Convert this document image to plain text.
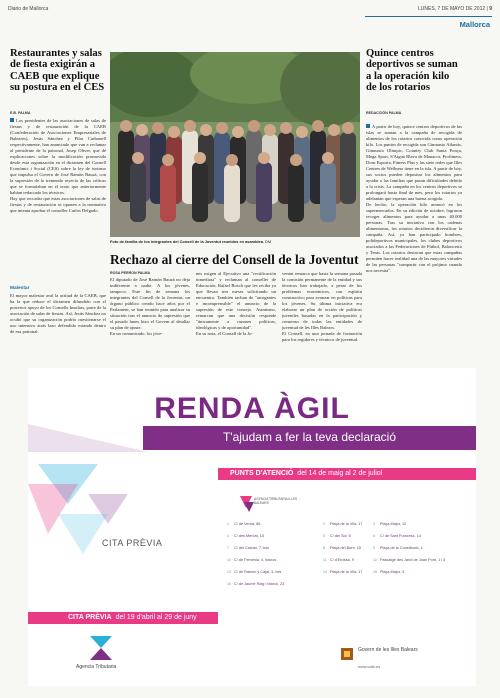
Diario de Mallorca	LUNES, 7 DE MAYO DE 2012 | 9
Mallorca
Restaurantes y salas de fiesta exigirán a CAEB que explique su postura en el CES
E.B. PALMA
Los presidentes de las asociaciones de salas de fiestas y de restauración de la CAEB (Confederación de Asociaciones Empresariales de Baleares), Jesús Sánchez y Pilar Carbonell respectivamente, han anunciado que van a reclamar al presidente de la patronal, Josep Oliver, que dé explicaciones sobre la modificación promovida desde esta organización en el dictamen del Consell Econòmic i Social (CES) sobre la ley de turismo que impulsa el Govern de José Ramón Bauzá, con la supresión de la tremenda reyecía de las críticas que se formulaban en el texto que anteriormente habían redactado los técnicos.
Hay que recordar que estas asociaciones de salas de fiestas y de restauración se oponen a la normativa que intenta aprobar el conseller Carlos Delgado.
Malestar
El mayor malestar aval la actitud de la CAEB, que ha la que reduce el dictamen difundido con el posterior apoyo de los Consells Insulars, parte de la asociación de salas de fiestas. Así, Jesús Sánchez no ocultó que su organización podría cuestionarse el uso intensivo atrás lazo defendido estando dentro de esa patronal.
Foto de familia de los integrantes del Consell de la Joventut reunidos en asamblea. DM
Rechazo al cierre del Consell de la Joventut
ROSA PERRON PALMA
El diputado de José Ramón Bauzá no deja indiferente a nadie. A los jóvenes, tampoco. Este fin de semana los integrantes del Consell de la Joventut, un órgano público creado hace años por el Parlament, se han reunido para analizar su situación tras el anuncio de supresión que el pasado lunes hizo el Govern al detallar su plan de ajuste.
En un comunicado, los jóve-
nes exigen al Ejecutivo una "rectificación inmediata" y reclaman al conseller de Educación, Rafael Bosch que les reciba ya que llevan tres meses solicitando un encuentro. También tachan de "arrogantes e incomprensible" el anuncio de la supresión de este consejo. Asimismo, remarcan que una decisión responde "únicamente a razones políticas, ideológicas y de oportunidad".
En su nota, el Consell de la Jo-
ventut remarca que hasta la semana pasada la comisión permanente de la entidad y sus técnicos han trabajado, a pesar de los problemas económicos, con espíritu constructivo para avanzar en políticas para los jóvenes. Su última iniciativa era elaborar un plan de acción de políticas juveniles basadas en la participación y consenso de todas las entidades de juventud de les Illes Balears.
El Consell, en una jornada de formación para los regidores y técnicos de juventud.
Quince centros deportivos se suman a la operación kilo de los rotarios
REDACCIÓN PALMA

A partir de hoy, quince centros deportivos de las islas se suman a la campaña de recogida de alimentos de los rotarios conocida como operación kilo. Los puntos de recogida son Gimnasio Atlantis, Gimnasio Olimpic, Country Club Santa Ponça, Mega Sport, S'Aigua Blava de Manacor, Profitness, Dorn Esporta, Fitness Plus y las siete redes que Illes Centres de Wellness tiene en la isla. A partir de hoy, sus socios pueden depositar los alimentos para ayudar a las familias que pasan dificultades debido a la crisis. La campaña en los centros deportivos se prolongará hasta final de mes, pero los rotarios ya adelantan que esperan una buena acogida.
De hecho, la operación kilo arrancó en los supermercados. En su edición de octubre, lograron recoger alimentos para ayudar a unas 40.000 personas. Tras su iniciativa con los cadenas alimentarias, los rotarios decidieron diversificar la campaña. Así, ya han participado hombres, polideportivos municipales, los clubes deportivos asociados a las Federaciones de Fútbol, Baloncesto y Tenis. Los rotarios destacan que estas campañas permiten hacer realidad una de las mayores virtudes de las personas "compartir con el prójimo cuando nos necesita".

RENDA ÀGIL
T'ajudam a fer la teva declaració
PUNTS D'ATENCIÓ del 14 de maig al 2 de juliol
AGENCIA TRIBUTARIA ILLES BALEARS
CITA PRÈVIA
1 C/ de Verna, 86	2 Plaça de la Vila, 17	3 Plaça Major, 12
4 C/ des Mercat, 15	5 C/ del Sol, 6	6 C/ de Sant Francesc, 14
7 C/ del Calvari, 7, bxs	8 Plaça del Born, 15	9 Plaça de la Constitució, 1
10 C/ de Femenia, 4, baixos	11 C/ d'Eivissa, 9	12 Passatge des Jardí de Joan Pont, 1 i 3
13 C/ de Ramon y Cajal, 3, bxs	14 Plaça de la Vila, 17	15 Plaça Major, 3
16 C/ de Jaume Roig i Marcó, 23
CITA PRÈVIA del 19 d'abril al 29 de juny
Agencia Tributaria
Govern de les Illes Balears
www.caib.es
